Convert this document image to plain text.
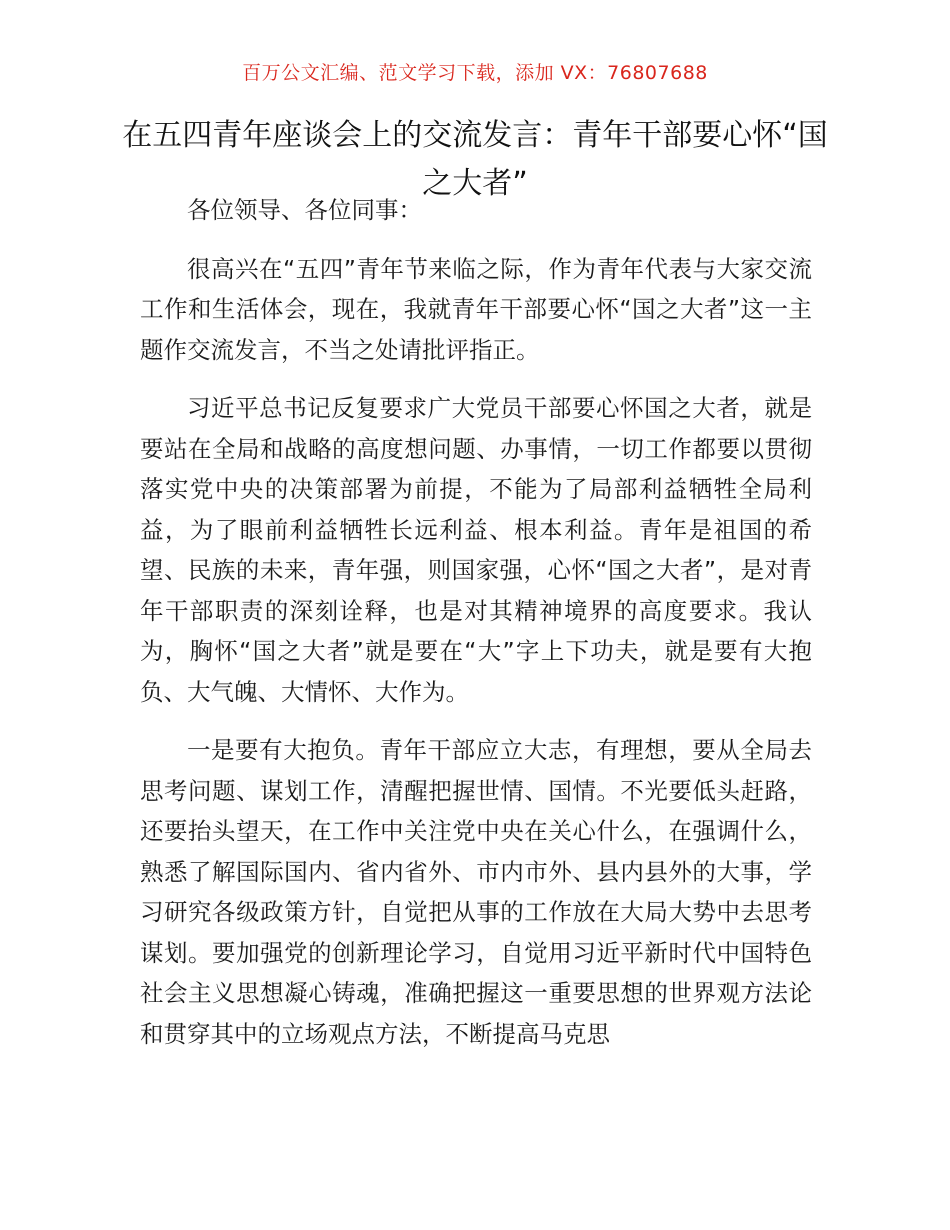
百万公文汇编、范文学习下载，添加 VX：76807688
在五四青年座谈会上的交流发言：青年干部要心怀“国之大者”

各位领导、各位同事：

很高兴在“五四”青年节来临之际，作为青年代表与大家交流工作和生活体会，现在，我就青年干部要心怀“国之大者”这一主题作交流发言，不当之处请批评指正。

习近平总书记反复要求广大党员干部要心怀国之大者，就是要站在全局和战略的高度想问题、办事情，一切工作都要以贯彻落实党中央的决策部署为前提，不能为了局部利益牺牲全局利益，为了眼前利益牺牲长远利益、根本利益。青年是祖国的希望、民族的未来，青年强，则国家强，心怀“国之大者”，是对青年干部职责的深刻诠释，也是对其精神境界的高度要求。我认为，胸怀“国之大者”就是要在“大”字上下功夫，就是要有大抱负、大气魄、大情怀、大作为。

一是要有大抱负。青年干部应立大志，有理想，要从全局去思考问题、谋划工作，清醒把握世情、国情。不光要低头赶路，还要抬头望天，在工作中关注党中央在关心什么，在强调什么，熟悉了解国际国内、省内省外、市内市外、县内县外的大事，学习研究各级政策方针，自觉把从事的工作放在大局大势中去思考谋划。要加强党的创新理论学习，自觉用习近平新时代中国特色社会主义思想凝心铸魂，准确把握这一重要思想的世界观方法论和贯穿其中的立场观点方法，不断提高马克思
